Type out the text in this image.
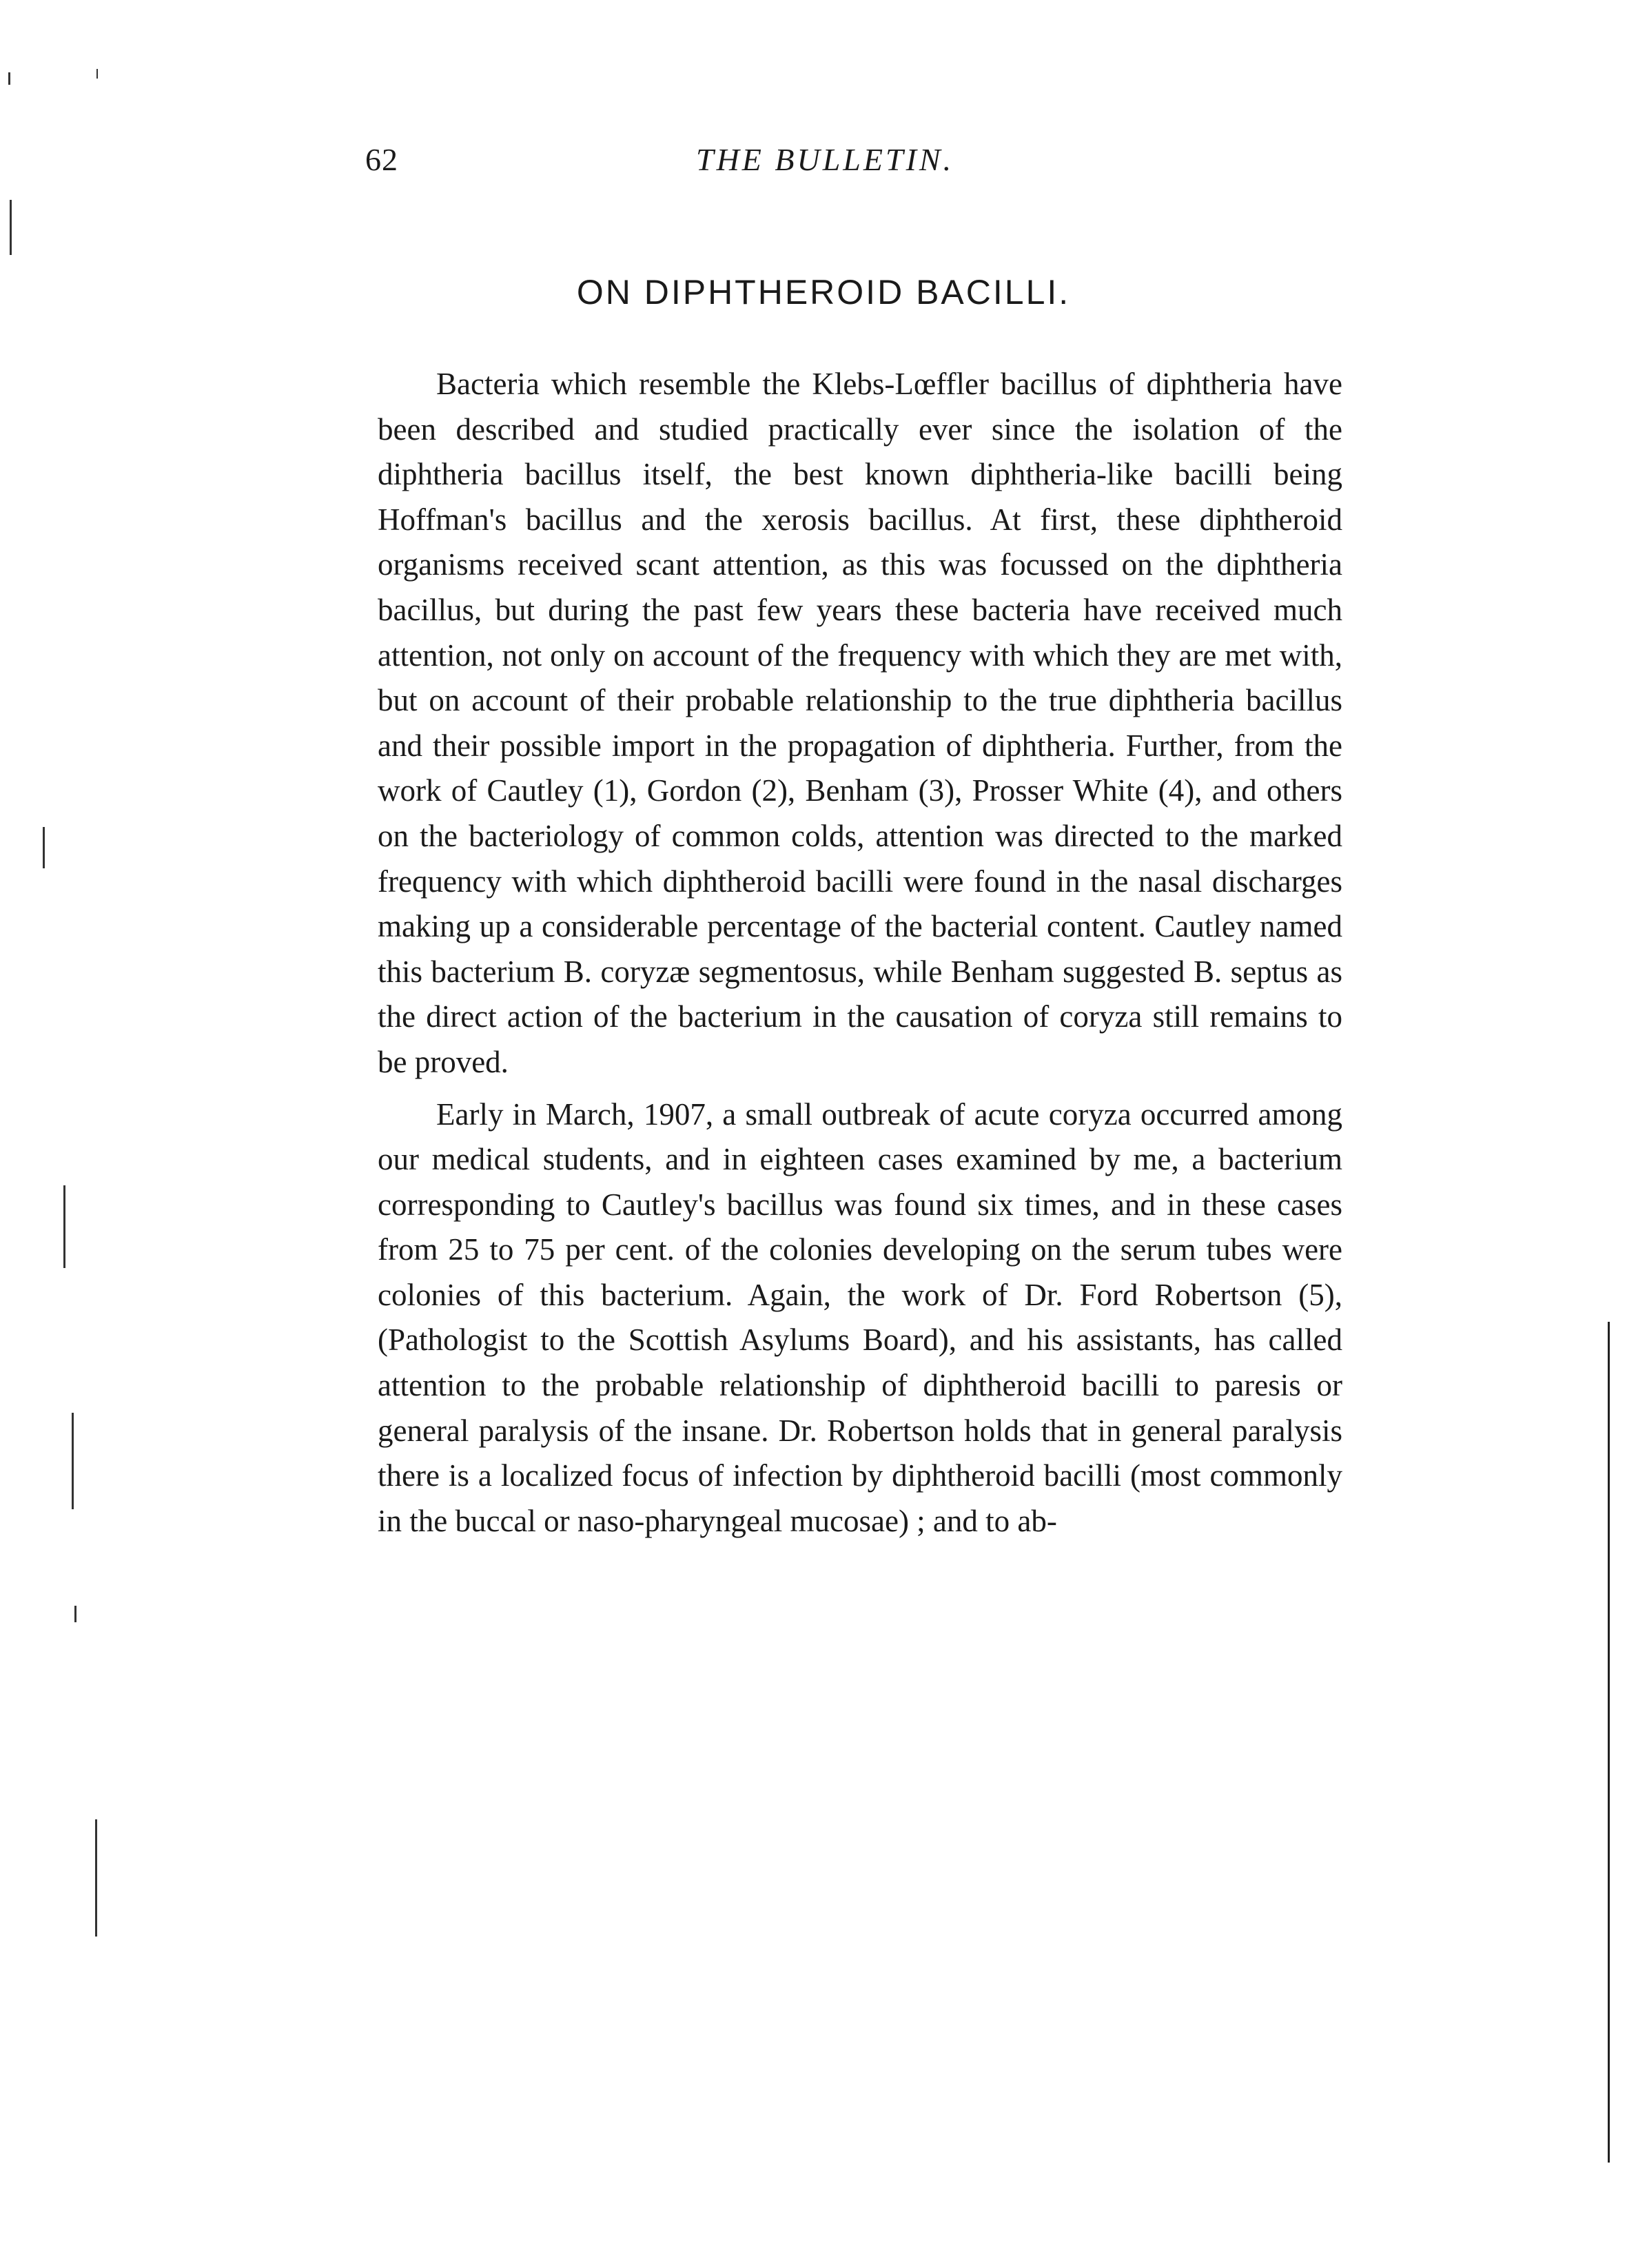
62	THE BULLETIN.
ON DIPHTHEROID BACILLI.

Bacteria which resemble the Klebs-Lœffler bacillus of diphtheria have been described and studied practically ever since the isolation of the diphtheria bacillus itself, the best known diphtheria-like bacilli being Hoffman's bacillus and the xerosis bacillus. At first, these diphtheroid organisms received scant attention, as this was focussed on the diphtheria bacillus, but during the past few years these bacteria have received much attention, not only on account of the frequency with which they are met with, but on account of their probable relationship to the true diphtheria bacillus and their possible import in the propagation of diphtheria. Further, from the work of Cautley (1), Gordon (2), Benham (3), Prosser White (4), and others on the bacteriology of common colds, attention was directed to the marked frequency with which diphtheroid bacilli were found in the nasal discharges making up a considerable percentage of the bacterial content. Cautley named this bacterium B. coryzæ segmentosus, while Benham suggested B. septus as the direct action of the bacterium in the causation of coryza still remains to be proved.

Early in March, 1907, a small outbreak of acute coryza occurred among our medical students, and in eighteen cases examined by me, a bacterium corresponding to Cautley's bacillus was found six times, and in these cases from 25 to 75 per cent. of the colonies developing on the serum tubes were colonies of this bacterium. Again, the work of Dr. Ford Robertson (5), (Pathologist to the Scottish Asylums Board), and his assistants, has called attention to the probable relationship of diphtheroid bacilli to paresis or general paralysis of the insane. Dr. Robertson holds that in general paralysis there is a localized focus of infection by diphtheroid bacilli (most commonly in the buccal or naso-pharyngeal mucosae) ; and to ab-
